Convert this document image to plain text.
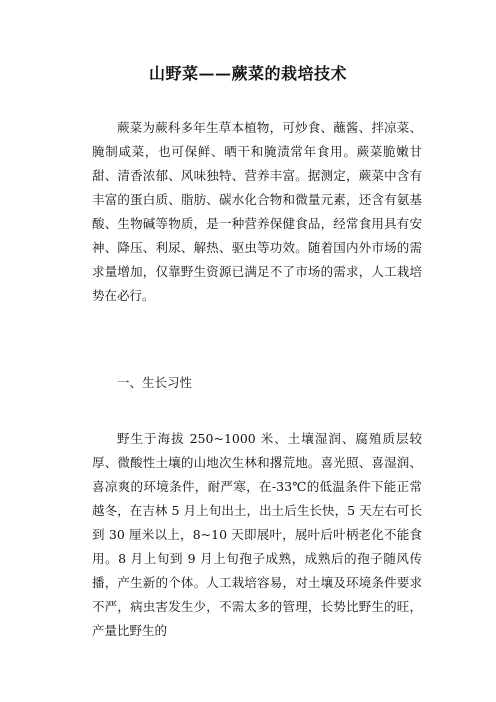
山野菜——蕨菜的栽培技术

蕨菜为蕨科多年生草本植物，可炒食、蘸酱、拌凉菜、腌制咸菜，也可保鲜、晒干和腌渍常年食用。蕨菜脆嫩甘甜、清香浓郁、风味独特、营养丰富。据测定，蕨菜中含有丰富的蛋白质、脂肪、碳水化合物和微量元素，还含有氨基酸、生物碱等物质，是一种营养保健食品，经常食用具有安神、降压、利尿、解热、驱虫等功效。随着国内外市场的需求量增加，仅靠野生资源已满足不了市场的需求，人工栽培势在必行。

一、生长习性

野生于海拔 250~1000 米、土壤湿润、腐殖质层较厚、微酸性土壤的山地次生林和撂荒地。喜光照、喜湿润、喜凉爽的环境条件，耐严寒，在-33℃的低温条件下能正常越冬，在吉林 5 月上旬出土，出土后生长快，5 天左右可长到 30 厘米以上，8~10 天即展叶，展叶后叶柄老化不能食用。8 月上旬到 9 月上旬孢子成熟，成熟后的孢子随风传播，产生新的个体。人工栽培容易，对土壤及环境条件要求不严，病虫害发生少，不需太多的管理，长势比野生的旺，产量比野生的
